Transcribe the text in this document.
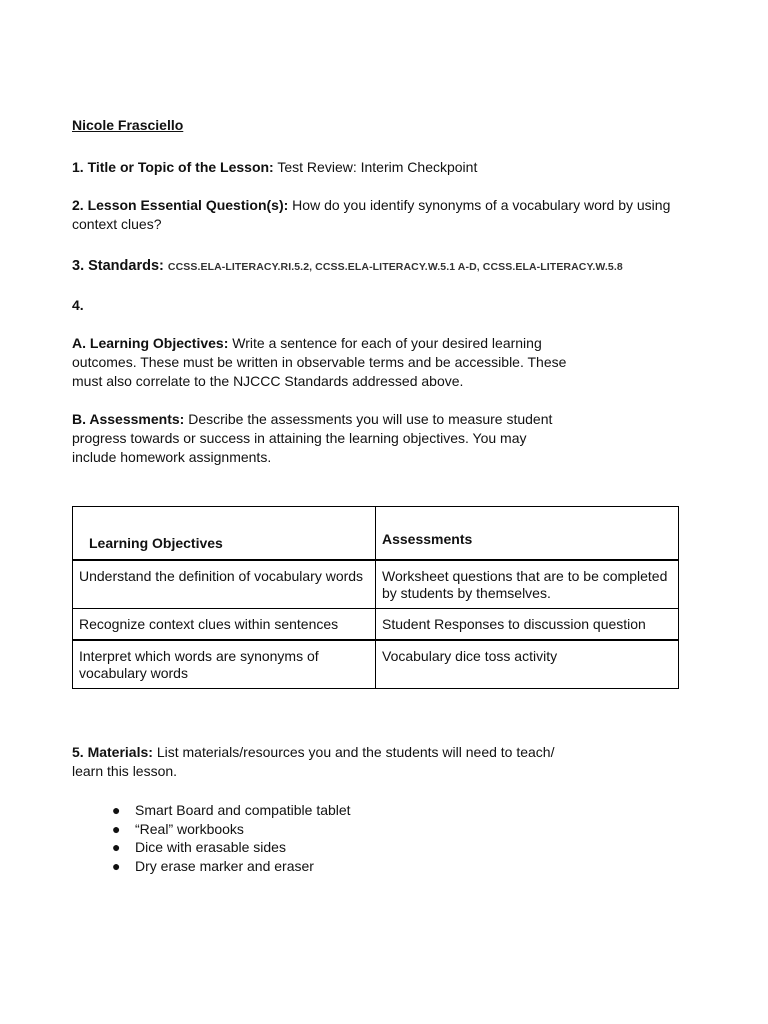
Nicole Frasciello
1. Title or Topic of the Lesson: Test Review: Interim Checkpoint
2. Lesson Essential Question(s): How do you identify synonyms of a vocabulary word by using
context clues?
3. Standards: CCSS.ELA-LITERACY.RI.5.2, CCSS.ELA-LITERACY.W.5.1 A-D, CCSS.ELA-LITERACY.W.5.8
4.
A. Learning Objectives: Write a sentence for each of your desired learning
outcomes. These must be written in observable terms and be accessible. These
must also correlate to the NJCCC Standards addressed above.
B. Assessments: Describe the assessments you will use to measure student
progress towards or success in attaining the learning objectives. You may
include homework assignments.
Learning Objectives	Assessments
Understand the definition of vocabulary words	Worksheet questions that are to be completed
by students by themselves.

Recognize context clues within sentences	Student Responses to discussion question

Interpret which words are synonyms of
vocabulary words	Vocabulary dice toss activity
5. Materials: List materials/resources you and the students will need to teach/
learn this lesson.
● Smart Board and compatible tablet
● “Real” workbooks
● Dice with erasable sides
● Dry erase marker and eraser
